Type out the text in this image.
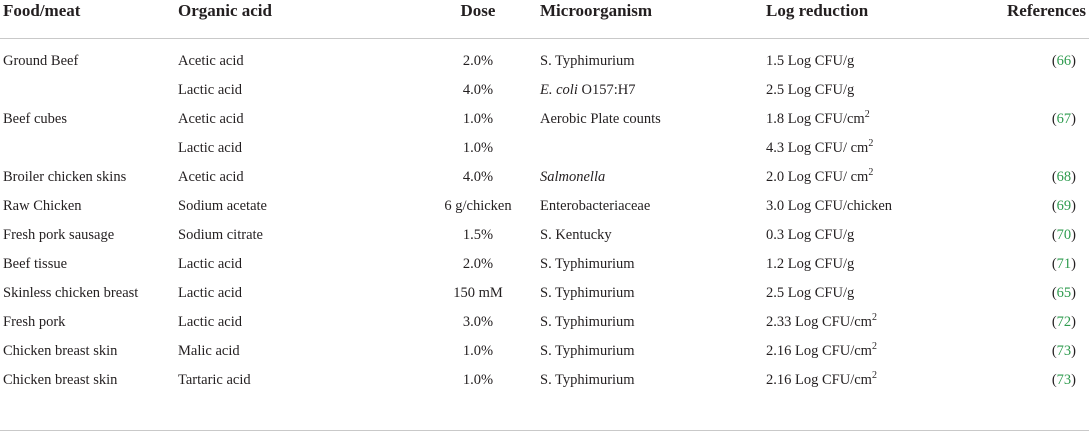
Food/meat	Organic acid	Dose	Microorganism	Log reduction	References
Ground Beef	Acetic acid	2.0%	S. Typhimurium	1.5 Log CFU/g	(66)
	Lactic acid	4.0%	E. coli O157:H7	2.5 Log CFU/g	
Beef cubes	Acetic acid	1.0%	Aerobic Plate counts	1.8 Log CFU/$cm^2$	(67)
	Lactic acid	1.0%		4.3 Log CFU/ $cm^2$	
Broiler chicken skins	Acetic acid	4.0%	Salmonella	2.0 Log CFU/ $cm^2$	(68)
Raw Chicken	Sodium acetate	6 g/chicken	Enterobacteriaceae	3.0 Log CFU/chicken	(69)
Fresh pork sausage	Sodium citrate	1.5%	S. Kentucky	0.3 Log CFU/g	(70)
Beef tissue	Lactic acid	2.0%	S. Typhimurium	1.2 Log CFU/g	(71)
Skinless chicken breast	Lactic acid	150 mM	S. Typhimurium	2.5 Log CFU/g	(65)
Fresh pork	Lactic acid	3.0%	S. Typhimurium	2.33 Log CFU/$cm^2$	(72)
Chicken breast skin	Malic acid	1.0%	S. Typhimurium	2.16 Log CFU/$cm^2$	(73)
Chicken breast skin	Tartaric acid	1.0%	S. Typhimurium	2.16 Log CFU/$cm^2$	(73)
